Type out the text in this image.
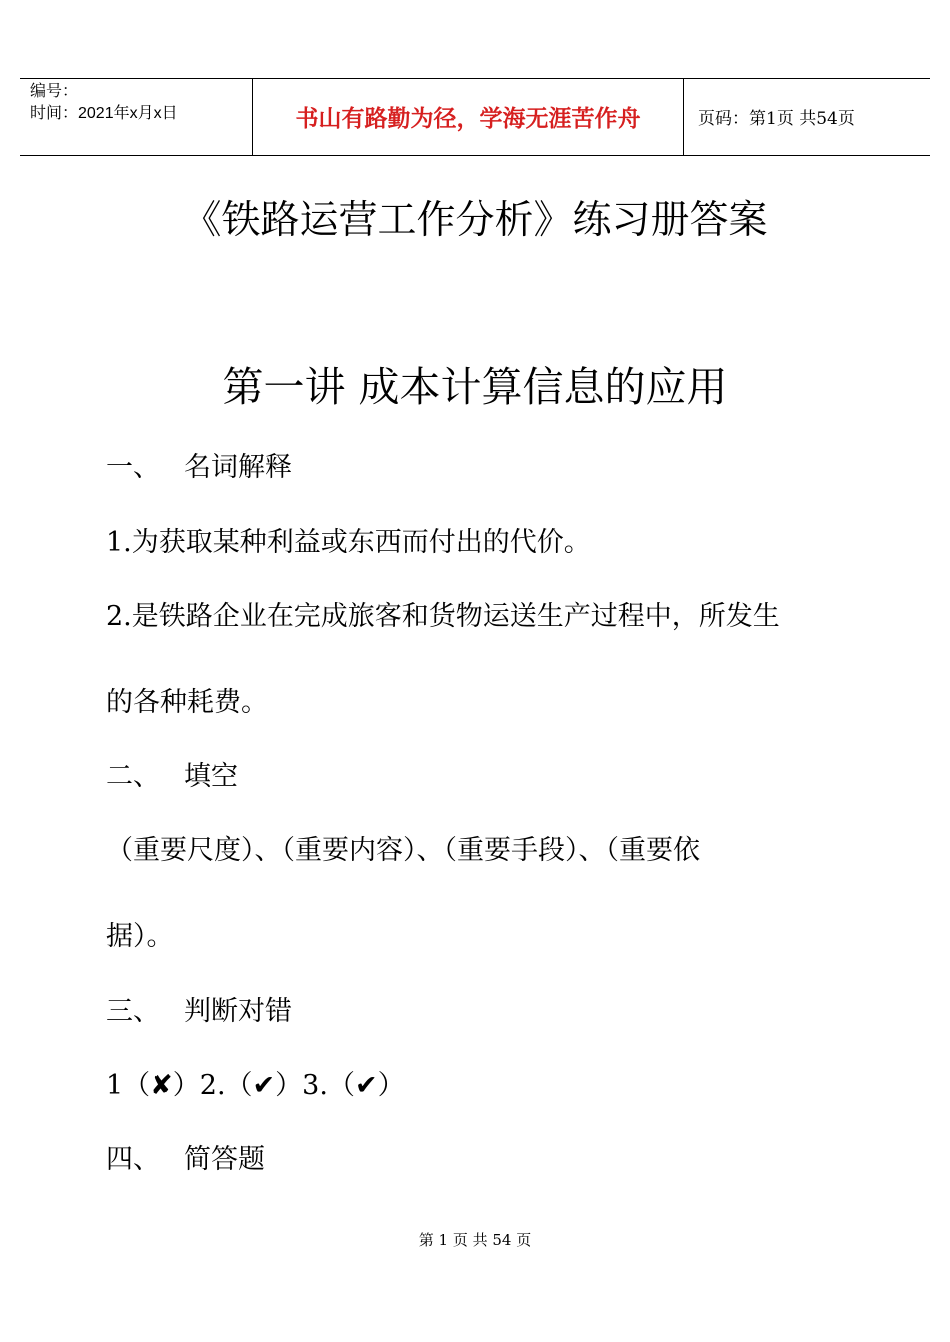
编号：
时间：2021年x月x日	书山有路勤为径，学海无涯苦作舟	页码：第1页 共54页
《铁路运营工作分析》练习册答案
第一讲 成本计算信息的应用
一、 名词解释
1.为获取某种利益或东西而付出的代价。
2.是铁路企业在完成旅客和货物运送生产过程中，所发生
的各种耗费。
二、 填空
（重要尺度）、（重要内容）、（重要手段）、（重要依
据）。
三、 判断对错
1（✘）2.（✔）3.（✔）
四、 简答题
第 1 页 共 54 页
